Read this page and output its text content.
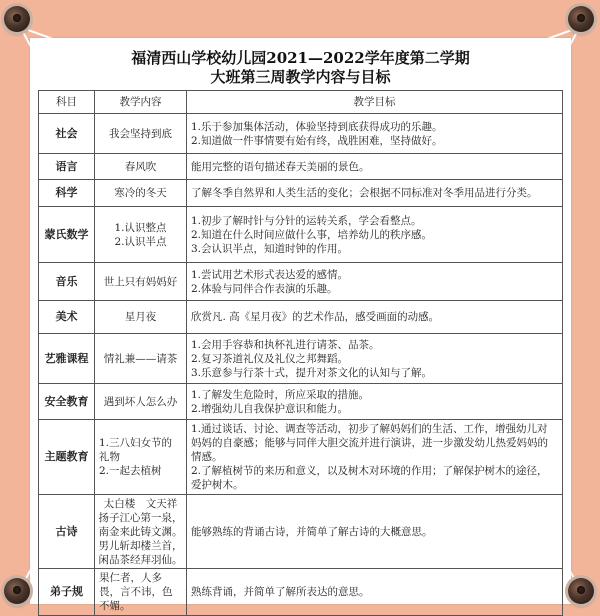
福清西山学校幼儿园2021—2022学年度第二学期
大班第三周教学内容与目标
科目	教学内容	教学目标
社会	我会坚持到底	1.乐于参加集体活动，体验坚持到底获得成功的乐趣。
2.知道做一件事情要有始有终，战胜困难，坚持做好。

语言	春风吹	能用完整的语句描述春天美丽的景色。

科学	寒冷的冬天	了解冬季自然界和人类生活的变化；会根据不同标准对冬季用品进行分类。

蒙氏数学	1.认识整点
2.认识半点	1.初步了解时针与分针的运转关系，学会看整点。
2.知道在什么时间应做什么事，培养幼儿的秩序感。
3.会认识半点，知道时钟的作用。

音乐	世上只有妈妈好	1.尝试用艺术形式表达爱的感情。
2.体验与同伴合作表演的乐趣。

美术	星月夜	欣赏凡. 高《星月夜》的艺术作品，感受画面的动感。

艺雅课程	情礼兼——请茶	1.会用手容恭和执杯礼进行请茶、品茶。
2.复习茶道礼仪及礼仪之邦舞蹈。
3.乐意参与行茶十式，提升对茶文化的认知与了解。

安全教育	遇到坏人怎么办	1.了解发生危险时，所应采取的措施。
2.增强幼儿自我保护意识和能力。

主题教育	1.三八妇女节的礼物
2.一起去植树	1.通过谈话、讨论、调查等活动，初步了解妈妈们的生活、工作，增强幼儿对妈妈的自豪感；能够与同伴大胆交流并进行演讲，进一步激发幼儿热爱妈妈的情感。
2.了解植树节的来历和意义，以及树木对环境的作用；了解保护树木的途径，爱护树木。

古诗	太白楼　文天祥
扬子江心第一泉，
南金来此铸文渊。
男儿斩却楼兰首，
闲品茶经拜羽仙。	能够熟练的背诵古诗，并简单了解古诗的大概意思。

弟子规	果仁者，人多畏，言不讳，色不媚。	熟练背诵，并简单了解所表达的意思。
